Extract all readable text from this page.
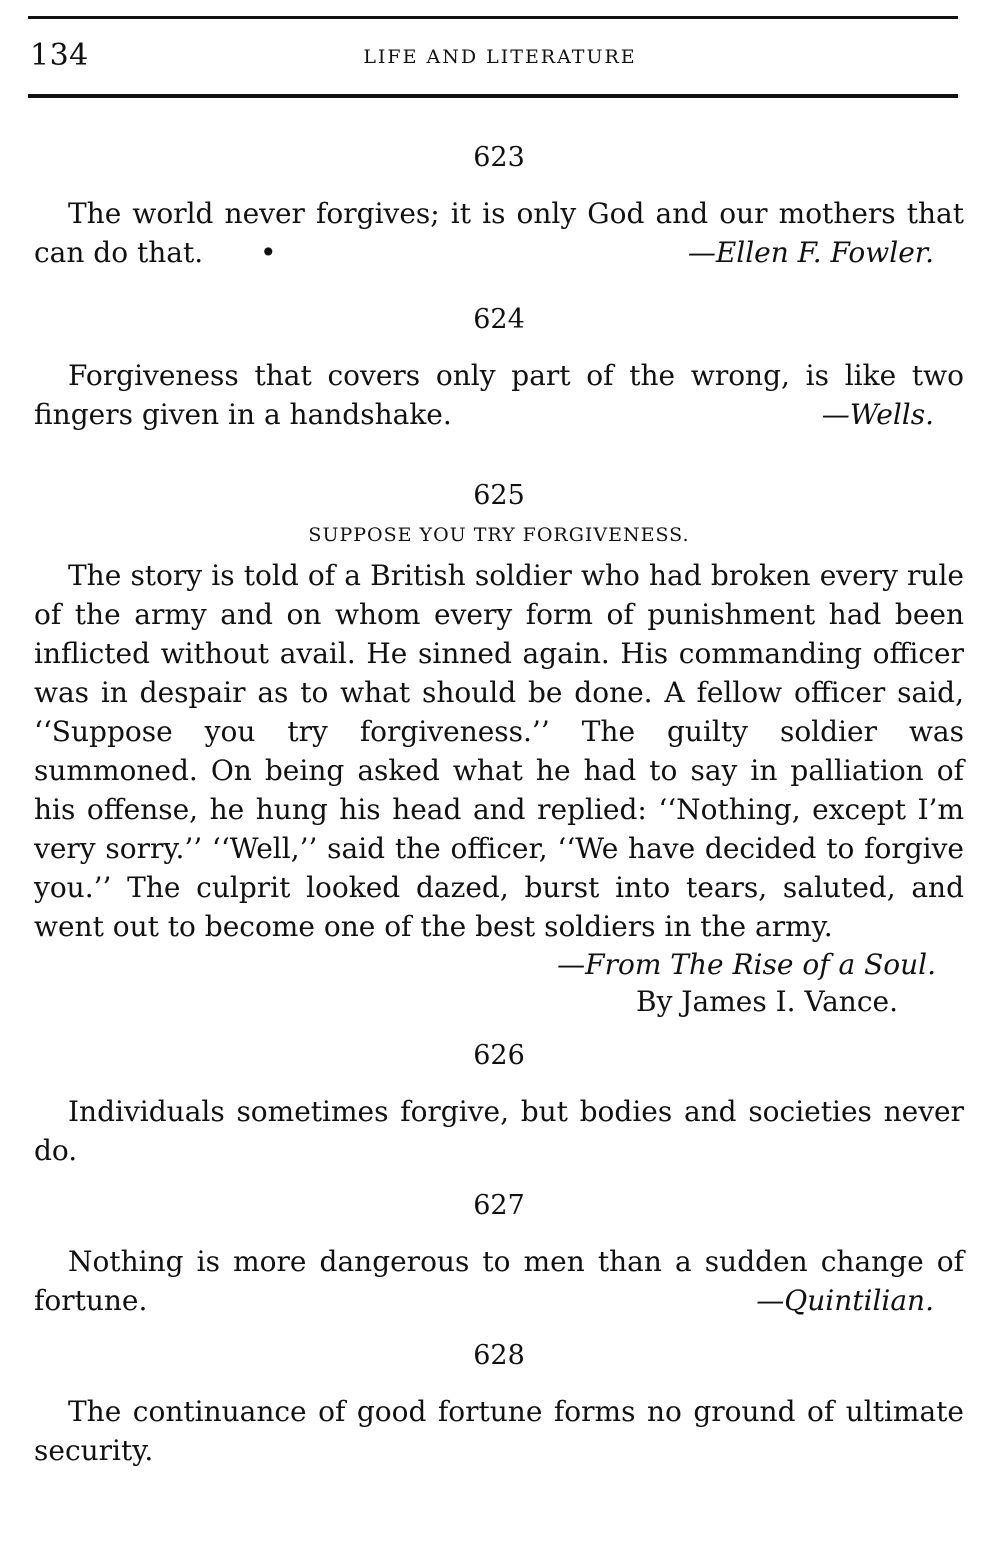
134	LIFE AND LITERATURE

623

The world never forgives; it is only God and our mothers that can do that. •	—Ellen F. Fowler.

624

Forgiveness that covers only part of the wrong, is like two fingers given in a handshake.	—Wells.

625

SUPPOSE YOU TRY FORGIVENESS.

The story is told of a British soldier who had broken every rule of the army and on whom every form of punishment had been inflicted without avail. He sinned again. His commanding officer was in despair as to what should be done. A fellow officer said, ‘‘Suppose you try forgiveness.’’ The guilty soldier was summoned. On being asked what he had to say in palliation of his offense, he hung his head and replied: ‘‘Nothing, except I’m very sorry.’’ ‘‘Well,’’ said the officer, ‘‘We have decided to forgive you.’’ The culprit looked dazed, burst into tears, saluted, and went out to become one of the best soldiers in the army.

—From The Rise of a Soul.

By James I. Vance.

626

Individuals sometimes forgive, but bodies and societies never do.

627

Nothing is more dangerous to men than a sudden change of fortune.	—Quintilian.

628

The continuance of good fortune forms no ground of ultimate security.
